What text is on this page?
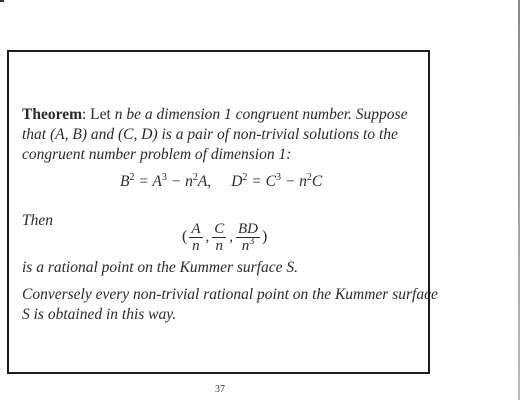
Theorem: Let n be a dimension 1 congruent number. Suppose
that (A, B) and (C, D) is a pair of non-trivial solutions to the
congruent number problem of dimension 1:
$B^2 = A^3 - n^2A$, $D^2 = C^3 - n^2C$
Then
( $\frac{A}{n}$ , $\frac{C}{n}$ , $\frac{BD}{n^3}$ )
is a rational point on the Kummer surface S.
Conversely every non-trivial rational point on the Kummer surface
S is obtained in this way.
37
